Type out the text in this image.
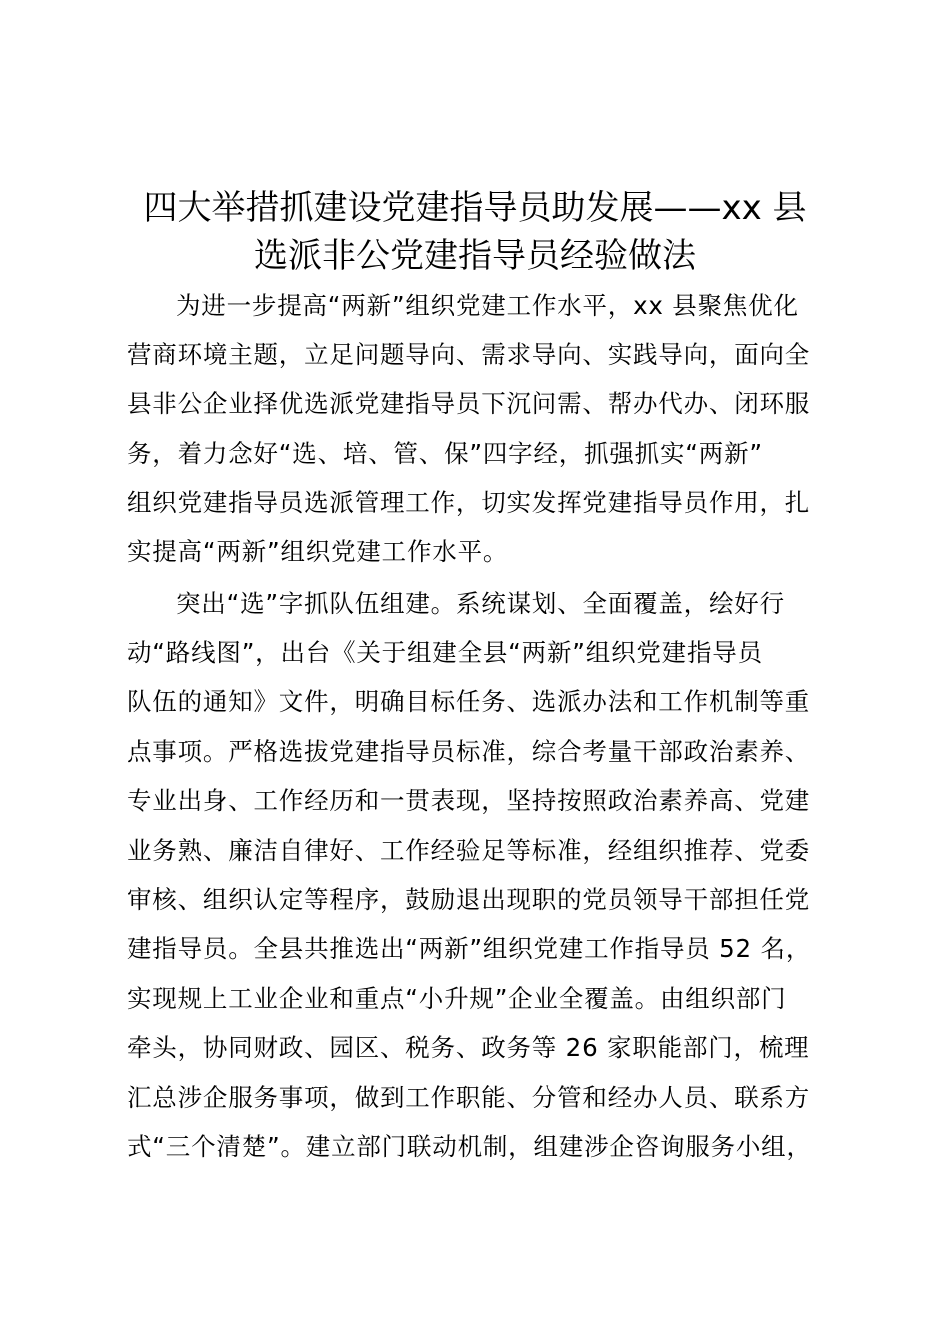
四大举措抓建设党建指导员助发展——xx 县
选派非公党建指导员经验做法
为进一步提高“两新”组织党建工作水平，xx 县聚焦优化
营商环境主题，立足问题导向、需求导向、实践导向，面向全
县非公企业择优选派党建指导员下沉问需、帮办代办、闭环服
务，着力念好“选、培、管、保”四字经，抓强抓实“两新”
组织党建指导员选派管理工作，切实发挥党建指导员作用，扎
实提高“两新”组织党建工作水平。
突出“选”字抓队伍组建。系统谋划、全面覆盖，绘好行
动“路线图”，出台《关于组建全县“两新”组织党建指导员
队伍的通知》文件，明确目标任务、选派办法和工作机制等重
点事项。严格选拔党建指导员标准，综合考量干部政治素养、
专业出身、工作经历和一贯表现，坚持按照政治素养高、党建
业务熟、廉洁自律好、工作经验足等标准，经组织推荐、党委
审核、组织认定等程序，鼓励退出现职的党员领导干部担任党
建指导员。全县共推选出“两新”组织党建工作指导员 52 名，
实现规上工业企业和重点“小升规”企业全覆盖。由组织部门
牵头，协同财政、园区、税务、政务等 26 家职能部门，梳理
汇总涉企服务事项，做到工作职能、分管和经办人员、联系方
式“三个清楚”。建立部门联动机制，组建涉企咨询服务小组，
